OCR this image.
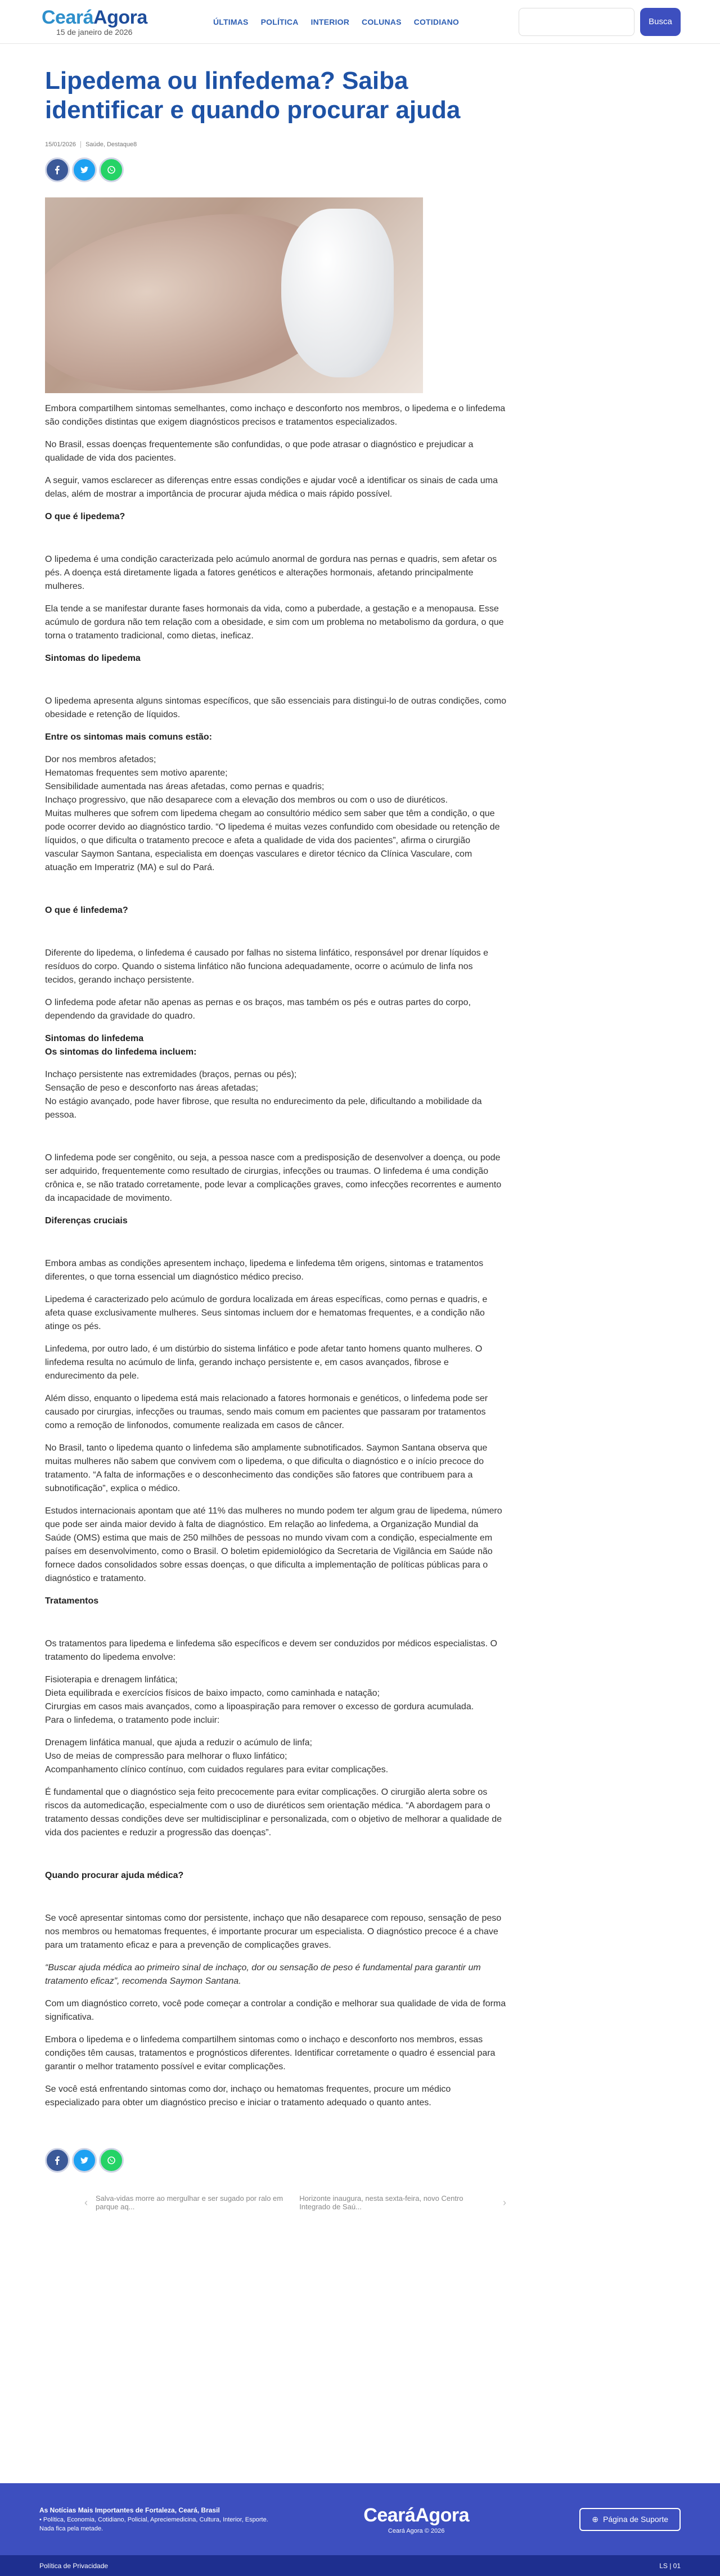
CearáAgora
15 de janeiro de 2026
ÚLTIMAS POLÍTICA INTERIOR COLUNAS COTIDIANO	Busca
Lipedema ou linfedema? Saiba identificar e quando procurar ajuda
15/01/2026 Saúde, Destaque8

Embora compartilhem sintomas semelhantes, como inchaço e desconforto nos membros, o lipedema e o linfedema são condições distintas que exigem diagnósticos precisos e tratamentos especializados.

No Brasil, essas doenças frequentemente são confundidas, o que pode atrasar o diagnóstico e prejudicar a qualidade de vida dos pacientes.

A seguir, vamos esclarecer as diferenças entre essas condições e ajudar você a identificar os sinais de cada uma delas, além de mostrar a importância de procurar ajuda médica o mais rápido possível.

O que é lipedema?

O lipedema é uma condição caracterizada pelo acúmulo anormal de gordura nas pernas e quadris, sem afetar os pés. A doença está diretamente ligada a fatores genéticos e alterações hormonais, afetando principalmente mulheres.

Ela tende a se manifestar durante fases hormonais da vida, como a puberdade, a gestação e a menopausa. Esse acúmulo de gordura não tem relação com a obesidade, e sim com um problema no metabolismo da gordura, o que torna o tratamento tradicional, como dietas, ineficaz.

Sintomas do lipedema

O lipedema apresenta alguns sintomas específicos, que são essenciais para distingui-lo de outras condições, como obesidade e retenção de líquidos.

Entre os sintomas mais comuns estão:
Dor nos membros afetados;
Hematomas frequentes sem motivo aparente;
Sensibilidade aumentada nas áreas afetadas, como pernas e quadris;
Inchaço progressivo, que não desaparece com a elevação dos membros ou com o uso de diuréticos.
Muitas mulheres que sofrem com lipedema chegam ao consultório médico sem saber que têm a condição, o que pode ocorrer devido ao diagnóstico tardio. “O lipedema é muitas vezes confundido com obesidade ou retenção de líquidos, o que dificulta o tratamento precoce e afeta a qualidade de vida dos pacientes”, afirma o cirurgião vascular Saymon Santana, especialista em doenças vasculares e diretor técnico da Clínica Vasculare, com atuação em Imperatriz (MA) e sul do Pará.
O que é linfedema?

Diferente do lipedema, o linfedema é causado por falhas no sistema linfático, responsável por drenar líquidos e resíduos do corpo. Quando o sistema linfático não funciona adequadamente, ocorre o acúmulo de linfa nos tecidos, gerando inchaço persistente.

O linfedema pode afetar não apenas as pernas e os braços, mas também os pés e outras partes do corpo, dependendo da gravidade do quadro.

Sintomas do linfedema
Os sintomas do linfedema incluem:
Inchaço persistente nas extremidades (braços, pernas ou pés);
Sensação de peso e desconforto nas áreas afetadas;
No estágio avançado, pode haver fibrose, que resulta no endurecimento da pele, dificultando a mobilidade da pessoa.

O linfedema pode ser congênito, ou seja, a pessoa nasce com a predisposição de desenvolver a doença, ou pode ser adquirido, frequentemente como resultado de cirurgias, infecções ou traumas. O linfedema é uma condição crônica e, se não tratado corretamente, pode levar a complicações graves, como infecções recorrentes e aumento da incapacidade de movimento.

Diferenças cruciais

Embora ambas as condições apresentem inchaço, lipedema e linfedema têm origens, sintomas e tratamentos diferentes, o que torna essencial um diagnóstico médico preciso.

Lipedema é caracterizado pelo acúmulo de gordura localizada em áreas específicas, como pernas e quadris, e afeta quase exclusivamente mulheres. Seus sintomas incluem dor e hematomas frequentes, e a condição não atinge os pés.

Linfedema, por outro lado, é um distúrbio do sistema linfático e pode afetar tanto homens quanto mulheres. O linfedema resulta no acúmulo de linfa, gerando inchaço persistente e, em casos avançados, fibrose e endurecimento da pele.

Além disso, enquanto o lipedema está mais relacionado a fatores hormonais e genéticos, o linfedema pode ser causado por cirurgias, infecções ou traumas, sendo mais comum em pacientes que passaram por tratamentos como a remoção de linfonodos, comumente realizada em casos de câncer.

No Brasil, tanto o lipedema quanto o linfedema são amplamente subnotificados. Saymon Santana observa que muitas mulheres não sabem que convivem com o lipedema, o que dificulta o diagnóstico e o início precoce do tratamento. “A falta de informações e o desconhecimento das condições são fatores que contribuem para a subnotificação”, explica o médico.

Estudos internacionais apontam que até 11% das mulheres no mundo podem ter algum grau de lipedema, número que pode ser ainda maior devido à falta de diagnóstico. Em relação ao linfedema, a Organização Mundial da Saúde (OMS) estima que mais de 250 milhões de pessoas no mundo vivam com a condição, especialmente em países em desenvolvimento, como o Brasil. O boletim epidemiológico da Secretaria de Vigilância em Saúde não fornece dados consolidados sobre essas doenças, o que dificulta a implementação de políticas públicas para o diagnóstico e tratamento.

Tratamentos

Os tratamentos para lipedema e linfedema são específicos e devem ser conduzidos por médicos especialistas. O tratamento do lipedema envolve:

Fisioterapia e drenagem linfática;
Dieta equilibrada e exercícios físicos de baixo impacto, como caminhada e natação;
Cirurgias em casos mais avançados, como a lipoaspiração para remover o excesso de gordura acumulada.
Para o linfedema, o tratamento pode incluir:
Drenagem linfática manual, que ajuda a reduzir o acúmulo de linfa;
Uso de meias de compressão para melhorar o fluxo linfático;
Acompanhamento clínico contínuo, com cuidados regulares para evitar complicações.

É fundamental que o diagnóstico seja feito precocemente para evitar complicações. O cirurgião alerta sobre os riscos da automedicação, especialmente com o uso de diuréticos sem orientação médica. “A abordagem para o tratamento dessas condições deve ser multidisciplinar e personalizada, com o objetivo de melhorar a qualidade de vida dos pacientes e reduzir a progressão das doenças”.

Quando procurar ajuda médica?

Se você apresentar sintomas como dor persistente, inchaço que não desaparece com repouso, sensação de peso nos membros ou hematomas frequentes, é importante procurar um especialista. O diagnóstico precoce é a chave para um tratamento eficaz e para a prevenção de complicações graves.

“Buscar ajuda médica ao primeiro sinal de inchaço, dor ou sensação de peso é fundamental para garantir um tratamento eficaz”, recomenda Saymon Santana.

Com um diagnóstico correto, você pode começar a controlar a condição e melhorar sua qualidade de vida de forma significativa.

Embora o lipedema e o linfedema compartilhem sintomas como o inchaço e desconforto nos membros, essas condições têm causas, tratamentos e prognósticos diferentes. Identificar corretamente o quadro é essencial para garantir o melhor tratamento possível e evitar complicações.

Se você está enfrentando sintomas como dor, inchaço ou hematomas frequentes, procure um médico especializado para obter um diagnóstico preciso e iniciar o tratamento adequado o quanto antes.

‹ Salva-vidas morre ao mergulhar e ser sugado por ralo em parque aq...
Horizonte inaugura, nesta sexta-feira, novo Centro Integrado de Saú...	›
As Notícias Mais Importantes de Fortaleza, Ceará, Brasil
• Política, Economia, Cotidiano, Policial, Apreciemedicina, Cultura, Interior, Esporte. Nada fica pela metade.
CearáAgora
Ceará Agora © 2026
⊕ Página de Suporte
Política de Privacidade	LS | 01
